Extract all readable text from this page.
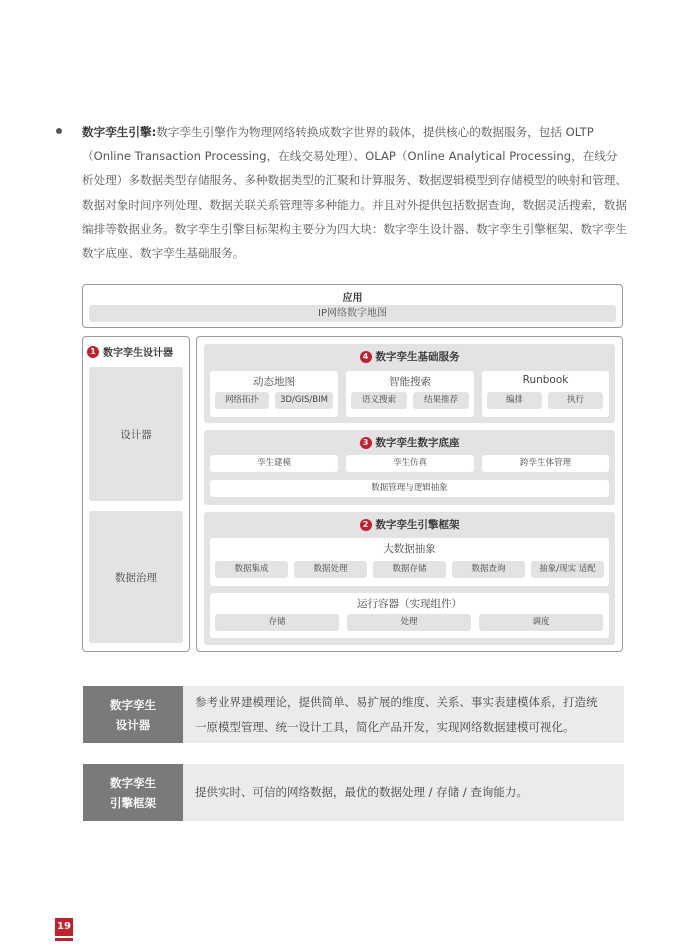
数字孪生引擎:数字孪生引擎作为物理网络转换成数字世界的载体，提供核心的数据服务，包括 OLTP（Online Transaction Processing，在线交易处理）、OLAP（Online Analytical Processing，在线分析处理）多数据类型存储服务、多种数据类型的汇聚和计算服务、数据逻辑模型到存储模型的映射和管理、数据对象时间序列处理、数据关联关系管理等多种能力。并且对外提供包括数据查询，数据灵活搜索，数据编排等数据业务。数字孪生引擎目标架构主要分为四大块：数字孪生设计器、数字孪生引擎框架、数字孪生数字底座、数字孪生基础服务。
应用
IP网络数字地图
1 数字孪生设计器
设计器
数据治理
4 数字孪生基础服务
动态地图
网络拓扑	3D/GIS/BIM
智能搜索
语义搜索	结果推荐
Runbook
编排	执行
3 数字孪生数字底座
孪生建模	孪生仿真	跨孪生体管理
数据管理与逻辑抽象
2 数字孪生引擎框架
大数据抽象
数据集成	数据处理	数据存储	数据查询	抽象/现实 适配
运行容器（实现组件）
存储	处理	调度
数字孪生
设计器
参考业界建模理论，提供简单、易扩展的维度、关系、事实表建模体系，打造统一原模型管理、统一设计工具，简化产品开发，实现网络数据建模可视化。
数字孪生
引擎框架
提供实时、可信的网络数据，最优的数据处理 / 存储 / 查询能力。
19
